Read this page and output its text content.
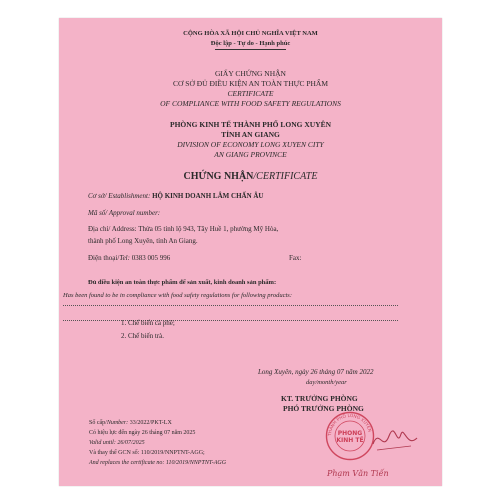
CỘNG HÒA XÃ HỘI CHỦ NGHĨA VIỆT NAM
Độc lập - Tự do - Hạnh phúc
GIẤY CHỨNG NHẬN
CƠ SỞ ĐỦ ĐIỀU KIỆN AN TOÀN THỰC PHẨM
CERTIFICATE
OF COMPLIANCE WITH FOOD SAFETY REGULATIONS
PHÒNG KINH TẾ THÀNH PHỐ LONG XUYÊN
TỈNH AN GIANG
DIVISION OF ECONOMY LONG XUYEN CITY
AN GIANG PROVINCE
CHỨNG NHẬN/CERTIFICATE
Cơ sở/ Establishment: HỘ KINH DOANH LÂM CHẤN ÂU
Mã số/ Approval number:
Địa chỉ/ Address: Thửa 05 tỉnh lộ 943, Tây Huề 1, phường Mỹ Hòa,
thành phố Long Xuyên, tỉnh An Giang.
Điện thoại/Tel: 0383 005 996	Fax:
Đủ điều kiện an toàn thực phẩm để sản xuất, kinh doanh sản phẩm:
Has been found to be in compliance with food safety regulations for following products:
1. Chế biến cà phê;
2. Chế biến trà.
Long Xuyên, ngày 26 tháng 07 năm 2022
day/month/year
KT. TRƯỞNG PHÒNG
PHÓ TRƯỞNG PHÒNG
THÀNH PHỐ LONG XUYÊN
PHÒNG
KINH TẾ
Phạm Văn Tiến
Số cấp/Number: 33/2022/PKT-LX
Có hiệu lực đến ngày 26 tháng 07 năm 2025
Valid until: 26/07/2025
Và thay thế GCN số: 110/2019/NNPTNT-AGG;
And replaces the certificate no: 110/2019/NNPTNT-AGG
